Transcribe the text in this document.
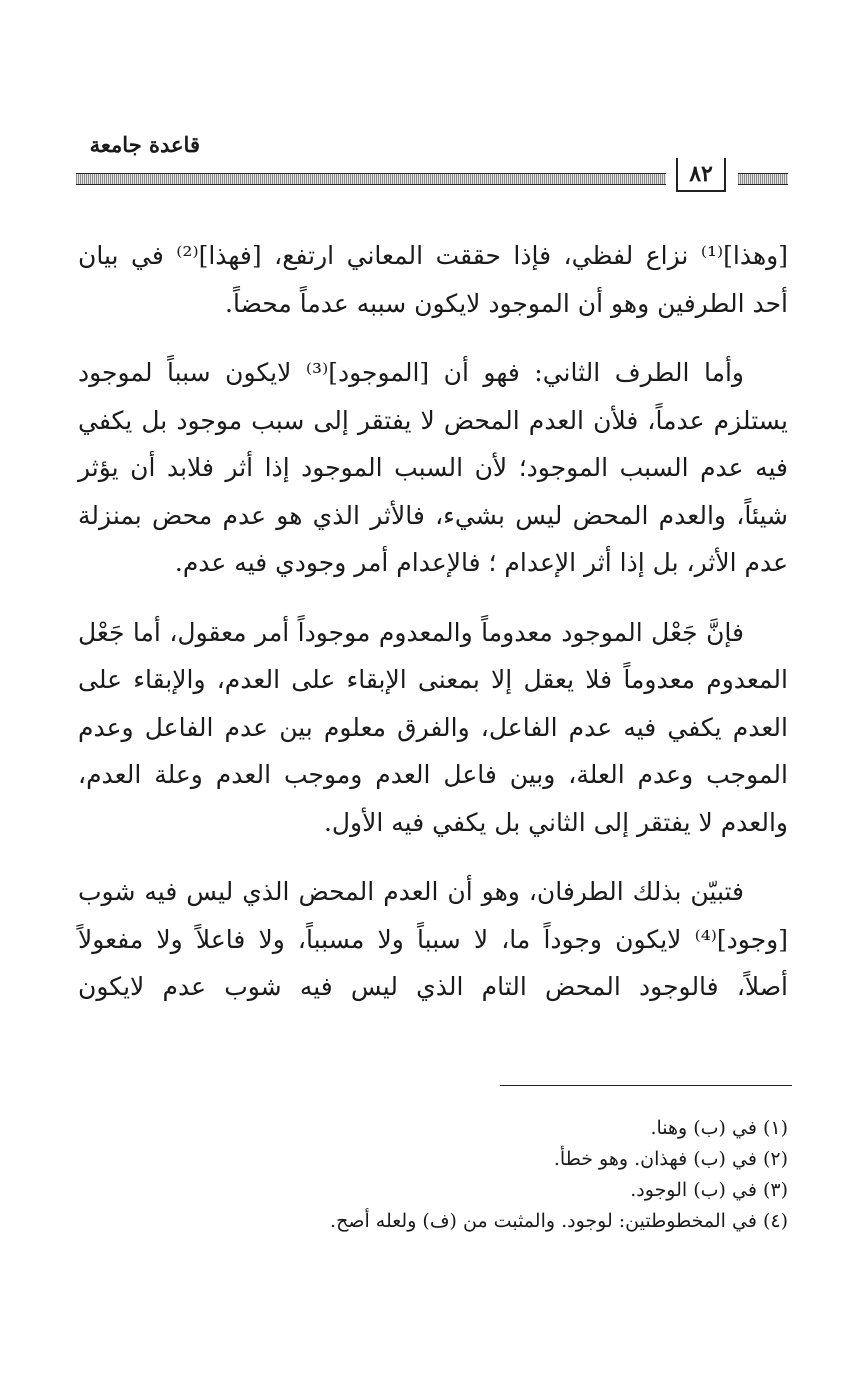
قاعدة جامعة
٨٢

[وهذا]⁽¹⁾ نزاع لفظي، فإذا حققت المعاني ارتفع، [فهذا]⁽²⁾ في بيان أحد الطرفين وهو أن الموجود لايكون سببه عدماً محضاً.

وأما الطرف الثاني: فهو أن [الموجود]⁽³⁾ لايكون سبباً لموجود يستلزم عدماً، فلأن العدم المحض لا يفتقر إلى سبب موجود بل يكفي فيه عدم السبب الموجود؛ لأن السبب الموجود إذا أثر فلابد أن يؤثر شيئاً، والعدم المحض ليس بشيء، فالأثر الذي هو عدم محض بمنزلة عدم الأثر، بل إذا أثر الإعدام ؛ فالإعدام أمر وجودي فيه عدم.

فإنَّ جَعْل الموجود معدوماً والمعدوم موجوداً أمر معقول، أما جَعْل المعدوم معدوماً فلا يعقل إلا بمعنى الإبقاء على العدم، والإبقاء على العدم يكفي فيه عدم الفاعل، والفرق معلوم بين عدم الفاعل وعدم الموجب وعدم العلة، وبين فاعل العدم وموجب العدم وعلة العدم، والعدم لا يفتقر إلى الثاني بل يكفي فيه الأول.

فتبيّن بذلك الطرفان، وهو أن العدم المحض الذي ليس فيه شوب [وجود]⁽⁴⁾ لايكون وجوداً ما، لا سبباً ولا مسبباً، ولا فاعلاً ولا مفعولاً أصلاً، فالوجود المحض التام الذي ليس فيه شوب عدم لايكون

(١) في (ب) وهنا.
(٢) في (ب) فهذان. وهو خطأ.
(٣) في (ب) الوجود.
(٤) في المخطوطتين: لوجود. والمثبت من (ف) ولعله أصح.
